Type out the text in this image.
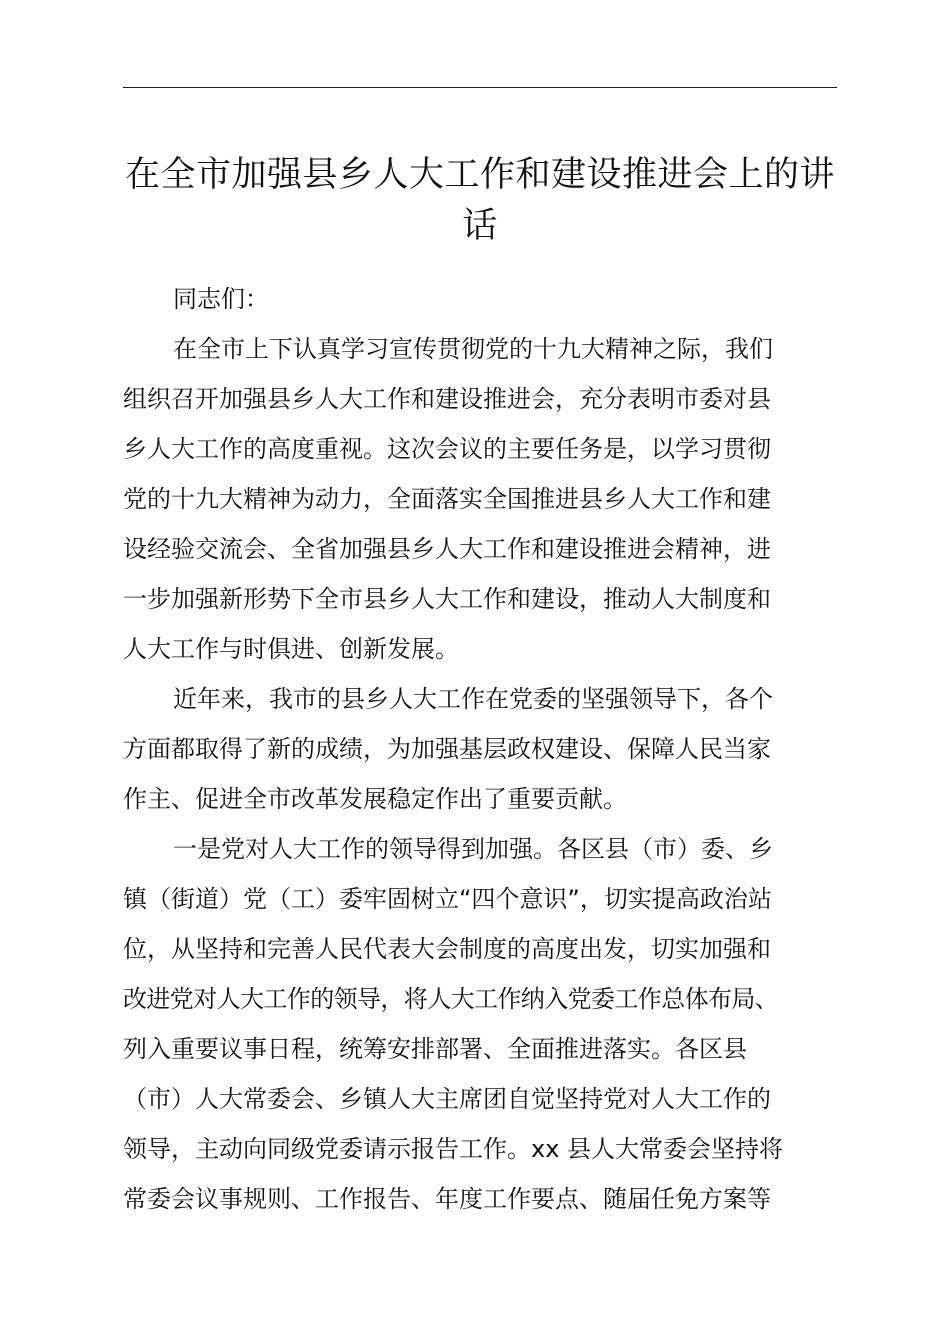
在全市加强县乡人大工作和建设推进会上的讲
话
同志们：
在全市上下认真学习宣传贯彻党的十九大精神之际，我们
组织召开加强县乡人大工作和建设推进会，充分表明市委对县
乡人大工作的高度重视。这次会议的主要任务是，以学习贯彻
党的十九大精神为动力，全面落实全国推进县乡人大工作和建
设经验交流会、全省加强县乡人大工作和建设推进会精神，进
一步加强新形势下全市县乡人大工作和建设，推动人大制度和
人大工作与时俱进、创新发展。
近年来，我市的县乡人大工作在党委的坚强领导下，各个
方面都取得了新的成绩，为加强基层政权建设、保障人民当家
作主、促进全市改革发展稳定作出了重要贡献。
一是党对人大工作的领导得到加强。各区县（市）委、乡
镇（街道）党（工）委牢固树立“四个意识”，切实提高政治站
位，从坚持和完善人民代表大会制度的高度出发，切实加强和
改进党对人大工作的领导，将人大工作纳入党委工作总体布局、
列入重要议事日程，统筹安排部署、全面推进落实。各区县
（市）人大常委会、乡镇人大主席团自觉坚持党对人大工作的
领导，主动向同级党委请示报告工作。xx 县人大常委会坚持将
常委会议事规则、工作报告、年度工作要点、随届任免方案等
